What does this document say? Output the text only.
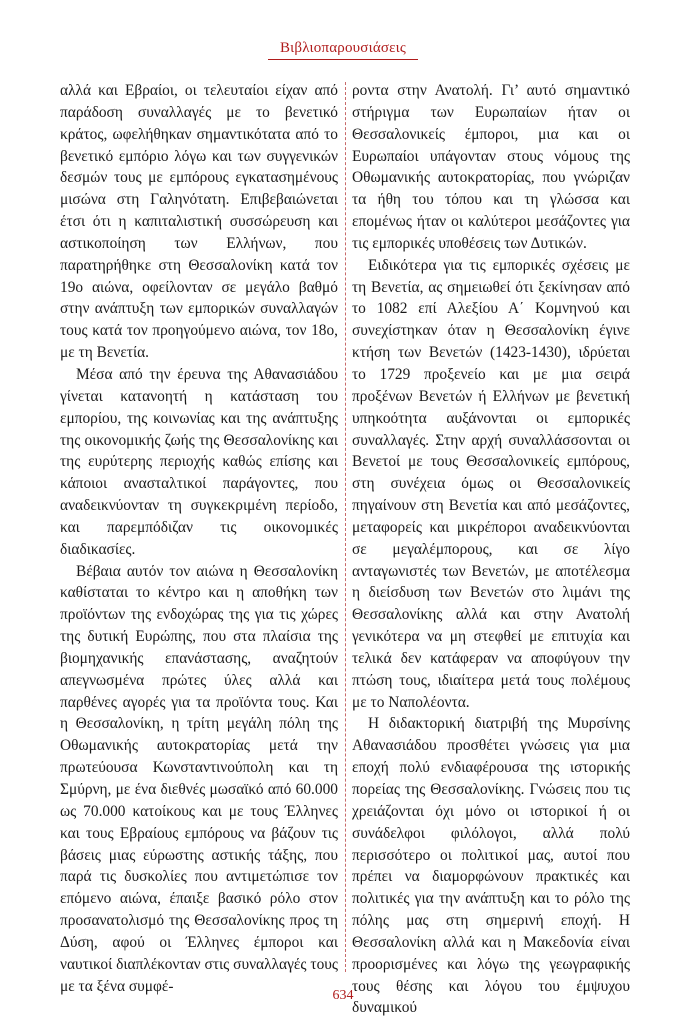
Βιβλιοπαρουσιάσεις

αλλά και Εβραίοι, οι τελευταίοι είχαν από παράδοση συναλλαγές με το βενετικό κράτος, ωφελήθηκαν σημαντικότατα από το βενετικό εμπόριο λόγω και των συγγενικών δεσμών τους με εμπόρους εγκατασημένους μισώνα στη Γαληνότατη. Επιβεβαιώνεται έτσι ότι η καπιταλιστική συσσώρευση και αστικοποίηση των Ελλήνων, που παρατηρήθηκε στη Θεσσαλονίκη κατά τον 19ο αιώνα, οφείλονταν σε μεγάλο βαθμό στην ανάπτυξη των εμπορικών συναλλαγών τους κατά τον προηγούμενο αιώνα, τον 18ο, με τη Βενετία.

Μέσα από την έρευνα της Αθανασιάδου γίνεται κατανοητή η κατάσταση του εμπορίου, της κοινωνίας και της ανάπτυξης της οικονομικής ζωής της Θεσσαλονίκης και της ευρύτερης περιοχής καθώς επίσης και κάποιοι ανασταλτικοί παράγοντες, που αναδεικνύονταν τη συγκεκριμένη περίοδο, και παρεμπόδιζαν τις οικονομικές διαδικασίες.

Βέβαια αυτόν τον αιώνα η Θεσσαλονίκη καθίσταται το κέντρο και η αποθήκη των προϊόντων της ενδοχώρας της για τις χώρες της δυτική Ευρώπης, που στα πλαίσια της βιομηχανικής επανάστασης, αναζητούν απεγνωσμένα πρώτες ύλες αλλά και παρθένες αγορές για τα προϊόντα τους. Και η Θεσσαλονίκη, η τρίτη μεγάλη πόλη της Οθωμανικής αυτοκρατορίας μετά την πρωτεύουσα Κωνσταντινούπολη και τη Σμύρνη, με ένα διεθνές μωσαϊκό από 60.000 ως 70.000 κατοίκους και με τους Έλληνες και τους Εβραίους εμπόρους να βάζουν τις βάσεις μιας εύρωστης αστικής τάξης, που παρά τις δυσκολίες που αντιμετώπισε τον επόμενο αιώνα, έπαιξε βασικό ρόλο στον προσανατολισμό της Θεσσαλονίκης προς τη Δύση, αφού οι Έλληνες έμποροι και ναυτικοί διαπλέκονταν στις συναλλαγές τους με τα ξένα συμφέ-

ροντα στην Ανατολή. Γι’ αυτό σημαντικό στήριγμα των Ευρωπαίων ήταν οι Θεσσαλονικείς έμποροι, μια και οι Ευρωπαίοι υπάγονταν στους νόμους της Οθωμανικής αυτοκρατορίας, που γνώριζαν τα ήθη του τόπου και τη γλώσσα και επομένως ήταν οι καλύτεροι μεσάζοντες για τις εμπορικές υποθέσεις των Δυτικών.

Ειδικότερα για τις εμπορικές σχέσεις με τη Βενετία, ας σημειωθεί ότι ξεκίνησαν από το 1082 επί Αλεξίου Α΄ Κομνηνού και συνεχίστηκαν όταν η Θεσσαλονίκη έγινε κτήση των Βενετών (1423-1430), ιδρύεται το 1729 προξενείο και με μια σειρά προξένων Βενετών ή Ελλήνων με βενετική υπηκοότητα αυξάνονται οι εμπορικές συναλλαγές. Στην αρχή συναλλάσσονται οι Βενετοί με τους Θεσσαλονικείς εμπόρους, στη συνέχεια όμως οι Θεσσαλονικείς πηγαίνουν στη Βενετία και από μεσάζοντες, μεταφορείς και μικρέποροι αναδεικνύονται σε μεγαλέμπορους, και σε λίγο ανταγωνιστές των Βενετών, με αποτέλεσμα η διείσδυση των Βενετών στο λιμάνι της Θεσσαλονίκης αλλά και στην Ανατολή γενικότερα να μη στεφθεί με επιτυχία και τελικά δεν κατάφεραν να αποφύγουν την πτώση τους, ιδιαίτερα μετά τους πολέμους με το Ναπολέοντα.

Η διδακτορική διατριβή της Μυρσίνης Αθανασιάδου προσθέτει γνώσεις για μια εποχή πολύ ενδιαφέρουσα της ιστορικής πορείας της Θεσσαλονίκης. Γνώσεις που τις χρειάζονται όχι μόνο οι ιστορικοί ή οι συνάδελφοι φιλόλογοι, αλλά πολύ περισσότερο οι πολιτικοί μας, αυτοί που πρέπει να διαμορφώνουν πρακτικές και πολιτικές για την ανάπτυξη και το ρόλο της πόλης μας στη σημερινή εποχή. Η Θεσσαλονίκη αλλά και η Μακεδονία είναι προορισμένες και λόγω της γεωγραφικής τους θέσης και λόγου του έμψυχου δυναμικού

634
